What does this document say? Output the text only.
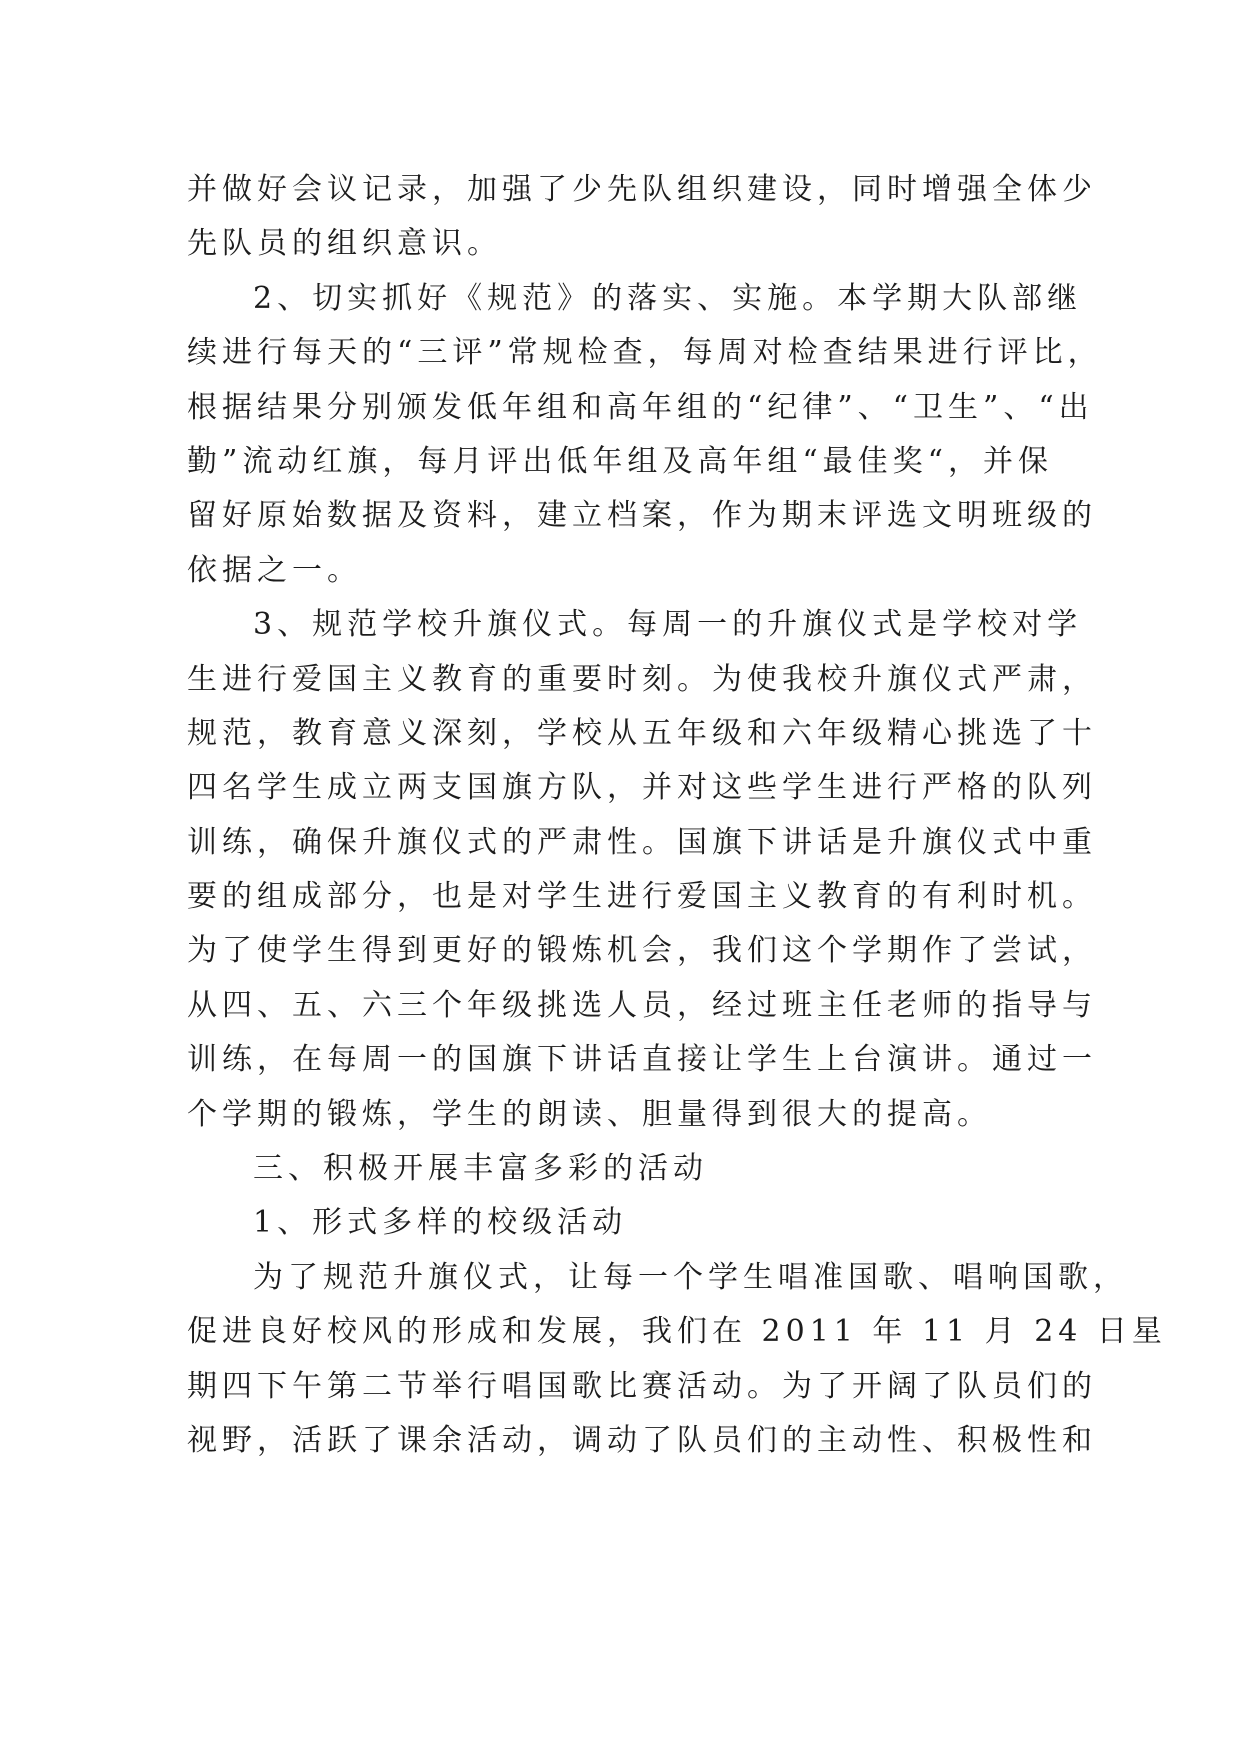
并做好会议记录，加强了少先队组织建设，同时增强全体少
先队员的组织意识。
2、切实抓好《规范》的落实、实施。本学期大队部继
续进行每天的“三评”常规检查，每周对检查结果进行评比，
根据结果分别颁发低年组和高年组的“纪律”、“卫生”、“出
勤”流动红旗，每月评出低年组及高年组“最佳奖“，并保
留好原始数据及资料，建立档案，作为期末评选文明班级的
依据之一。
3、规范学校升旗仪式。每周一的升旗仪式是学校对学
生进行爱国主义教育的重要时刻。为使我校升旗仪式严肃，
规范，教育意义深刻，学校从五年级和六年级精心挑选了十
四名学生成立两支国旗方队，并对这些学生进行严格的队列
训练，确保升旗仪式的严肃性。国旗下讲话是升旗仪式中重
要的组成部分，也是对学生进行爱国主义教育的有利时机。
为了使学生得到更好的锻炼机会，我们这个学期作了尝试，
从四、五、六三个年级挑选人员，经过班主任老师的指导与
训练，在每周一的国旗下讲话直接让学生上台演讲。通过一
个学期的锻炼，学生的朗读、胆量得到很大的提高。
三、积极开展丰富多彩的活动
1、形式多样的校级活动
为了规范升旗仪式，让每一个学生唱准国歌、唱响国歌，
促进良好校风的形成和发展，我们在 2011 年 11 月 24 日星
期四下午第二节举行唱国歌比赛活动。为了开阔了队员们的
视野，活跃了课余活动，调动了队员们的主动性、积极性和
